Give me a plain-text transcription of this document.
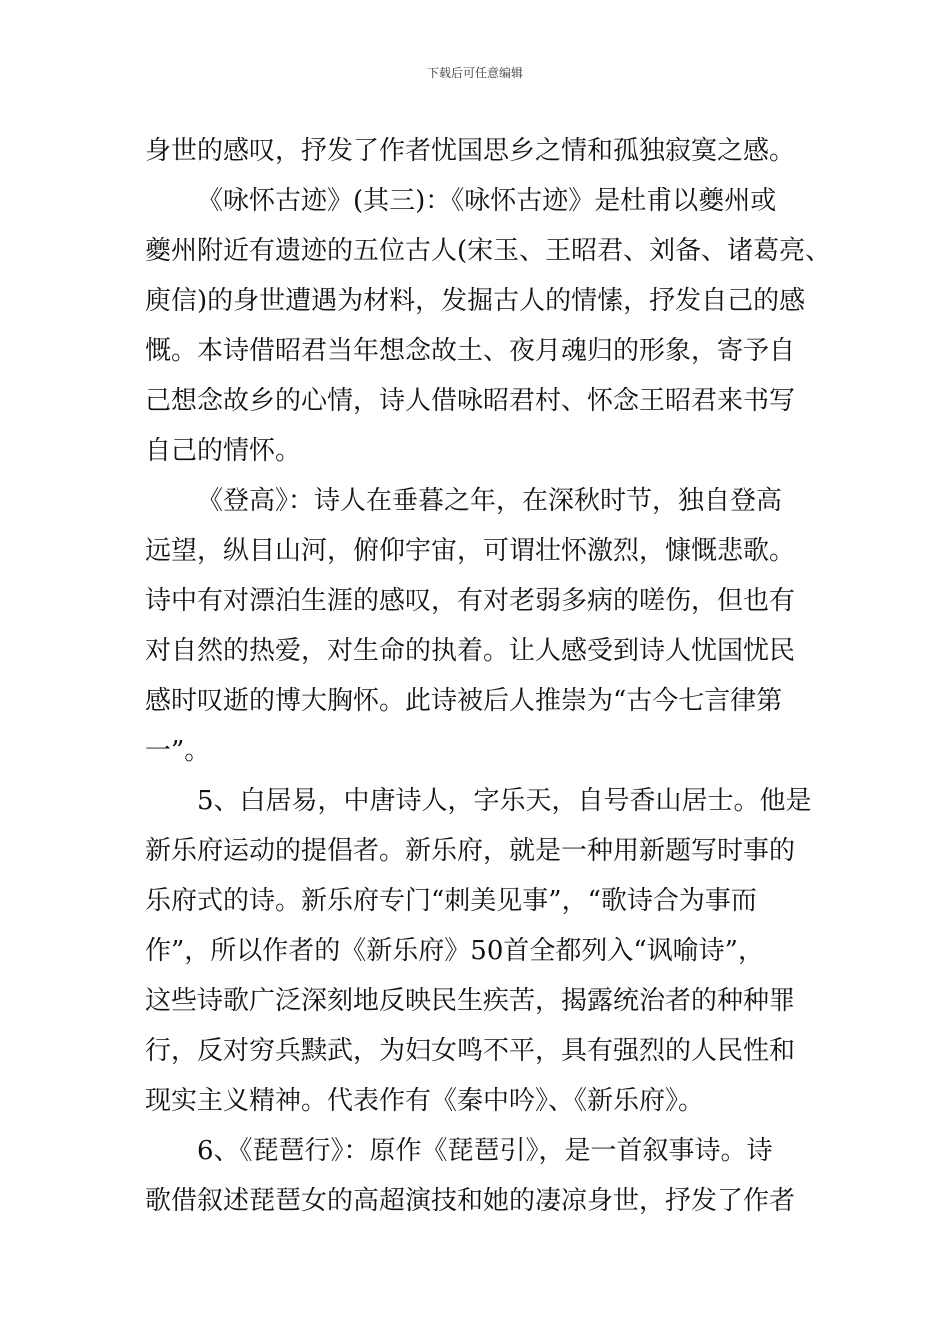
下载后可任意编辑
身世的感叹，抒发了作者忧国思乡之情和孤独寂寞之感。
《咏怀古迹》(其三)：《咏怀古迹》是杜甫以夔州或
夔州附近有遗迹的五位古人(宋玉、王昭君、刘备、诸葛亮、
庾信)的身世遭遇为材料，发掘古人的情愫，抒发自己的感
慨。本诗借昭君当年想念故土、夜月魂归的形象，寄予自
己想念故乡的心情，诗人借咏昭君村、怀念王昭君来书写
自己的情怀。
《登高》：诗人在垂暮之年，在深秋时节，独自登高
远望，纵目山河，俯仰宇宙，可谓壮怀激烈，慷慨悲歌。
诗中有对漂泊生涯的感叹，有对老弱多病的嗟伤，但也有
对自然的热爱，对生命的执着。让人感受到诗人忧国忧民
感时叹逝的博大胸怀。此诗被后人推崇为“古今七言律第
一”。
5、白居易，中唐诗人，字乐天，自号香山居士。他是
新乐府运动的提倡者。新乐府，就是一种用新题写时事的
乐府式的诗。新乐府专门“刺美见事”，“歌诗合为事而
作”，所以作者的《新乐府》50首全都列入“讽喻诗”，
这些诗歌广泛深刻地反映民生疾苦，揭露统治者的种种罪
行，反对穷兵黩武，为妇女鸣不平，具有强烈的人民性和
现实主义精神。代表作有《秦中吟》、《新乐府》。
6、《琵琶行》：原作《琵琶引》，是一首叙事诗。诗
歌借叙述琵琶女的高超演技和她的凄凉身世，抒发了作者
